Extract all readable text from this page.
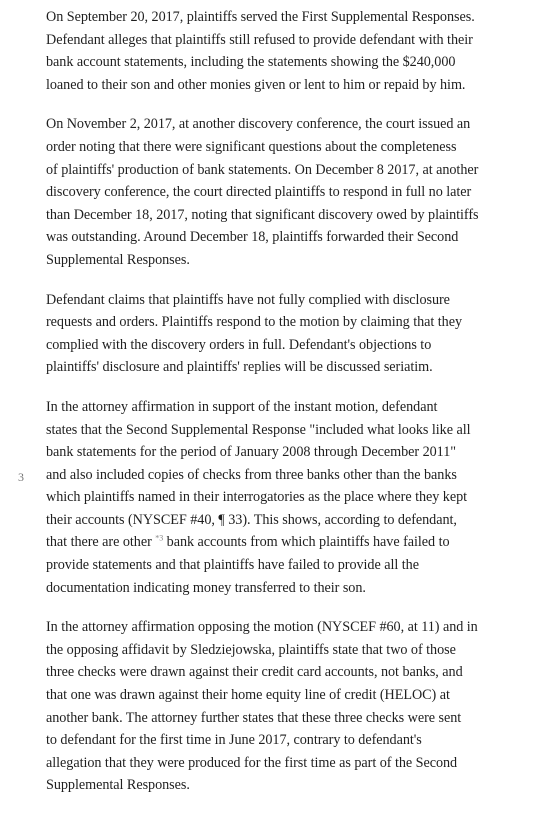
3

On September 20, 2017, plaintiffs served the First Supplemental Responses.
Defendant alleges that plaintiffs still refused to provide defendant with their
bank account statements, including the statements showing the $240,000
loaned to their son and other monies given or lent to him or repaid by him.

On November 2, 2017, at another discovery conference, the court issued an
order noting that there were significant questions about the completeness
of plaintiffs' production of bank statements. On December 8 2017, at another
discovery conference, the court directed plaintiffs to respond in full no later
than December 18, 2017, noting that significant discovery owed by plaintiffs
was outstanding. Around December 18, plaintiffs forwarded their Second
Supplemental Responses.

Defendant claims that plaintiffs have not fully complied with disclosure
requests and orders. Plaintiffs respond to the motion by claiming that they
complied with the discovery orders in full. Defendant's objections to
plaintiffs' disclosure and plaintiffs' replies will be discussed seriatim.

In the attorney affirmation in support of the instant motion, defendant
states that the Second Supplemental Response "included what looks like all
bank statements for the period of January 2008 through December 2011"
and also included copies of checks from three banks other than the banks
which plaintiffs named in their interrogatories as the place where they kept
their accounts (NYSCEF #40, ¶ 33). This shows, according to defendant,
that there are other $^{*3}$ bank accounts from which plaintiffs have failed to
provide statements and that plaintiffs have failed to provide all the
documentation indicating money transferred to their son.

In the attorney affirmation opposing the motion (NYSCEF #60, at 11) and in
the opposing affidavit by Sledziejowska, plaintiffs state that two of those
three checks were drawn against their credit card accounts, not banks, and
that one was drawn against their home equity line of credit (HELOC) at
another bank. The attorney further states that these three checks were sent
to defendant for the first time in June 2017, contrary to defendant's
allegation that they were produced for the first time as part of the Second
Supplemental Responses.
